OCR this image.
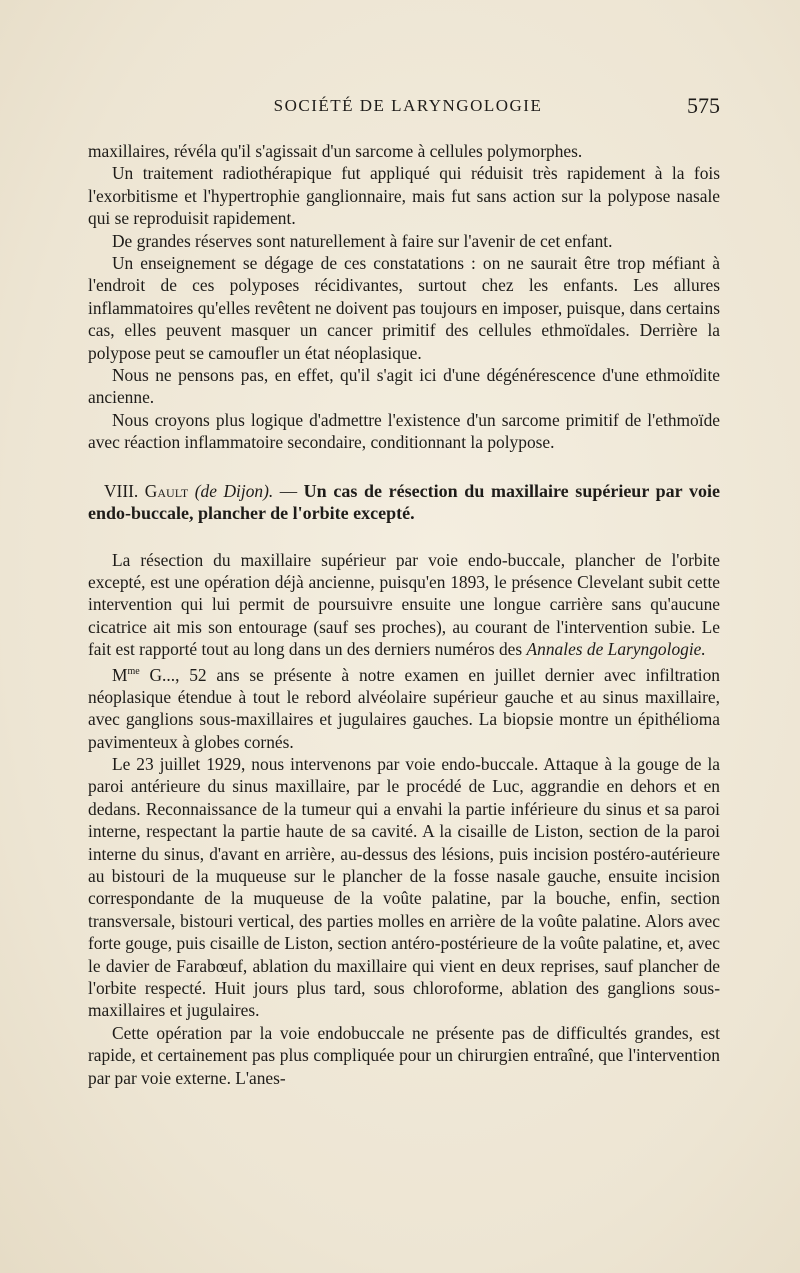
SOCIÉTÉ DE LARYNGOLOGIE	575

maxillaires, révéla qu'il s'agissait d'un sarcome à cellules polymorphes.

Un traitement radiothérapique fut appliqué qui réduisit très rapidement à la fois l'exorbitisme et l'hypertrophie ganglionnaire, mais fut sans action sur la polypose nasale qui se reproduisit rapidement.

De grandes réserves sont naturellement à faire sur l'avenir de cet enfant.

Un enseignement se dégage de ces constatations : on ne saurait être trop méfiant à l'endroit de ces polyposes récidivantes, surtout chez les enfants. Les allures inflammatoires qu'elles revêtent ne doivent pas toujours en imposer, puisque, dans certains cas, elles peuvent masquer un cancer primitif des cellules ethmoïdales. Derrière la polypose peut se camoufler un état néoplasique.

Nous ne pensons pas, en effet, qu'il s'agit ici d'une dégénérescence d'une ethmoïdite ancienne.

Nous croyons plus logique d'admettre l'existence d'un sarcome primitif de l'ethmoïde avec réaction inflammatoire secondaire, conditionnant la polypose.

VIII. Gault (de Dijon). — Un cas de résection du maxillaire supérieur par voie endo-buccale, plancher de l'orbite excepté.

La résection du maxillaire supérieur par voie endo-buccale, plancher de l'orbite excepté, est une opération déjà ancienne, puisqu'en 1893, le présence Clevelant subit cette intervention qui lui permit de poursuivre ensuite une longue carrière sans qu'aucune cicatrice ait mis son entourage (sauf ses proches), au courant de l'intervention subie. Le fait est rapporté tout au long dans un des derniers numéros des Annales de Laryngologie.

$M^{me}$ G..., 52 ans se présente à notre examen en juillet dernier avec infiltration néoplasique étendue à tout le rebord alvéolaire supérieur gauche et au sinus maxillaire, avec ganglions sous-maxillaires et jugulaires gauches. La biopsie montre un épithélioma pavimenteux à globes cornés.

Le 23 juillet 1929, nous intervenons par voie endo-buccale. Attaque à la gouge de la paroi antérieure du sinus maxillaire, par le procédé de Luc, aggrandie en dehors et en dedans. Reconnaissance de la tumeur qui a envahi la partie inférieure du sinus et sa paroi interne, respectant la partie haute de sa cavité. A la cisaille de Liston, section de la paroi interne du sinus, d'avant en arrière, au-dessus des lésions, puis incision postéro-autérieure au bistouri de la muqueuse sur le plancher de la fosse nasale gauche, ensuite incision correspondante de la muqueuse de la voûte palatine, par la bouche, enfin, section transversale, bistouri vertical, des parties molles en arrière de la voûte palatine. Alors avec forte gouge, puis cisaille de Liston, section antéro-postérieure de la voûte palatine, et, avec le davier de Farabœuf, ablation du maxillaire qui vient en deux reprises, sauf plancher de l'orbite respecté. Huit jours plus tard, sous chloroforme, ablation des ganglions sous-maxillaires et jugulaires.

Cette opération par la voie endobuccale ne présente pas de difficultés grandes, est rapide, et certainement pas plus compliquée pour un chirurgien entraîné, que l'intervention par par voie externe. L'anes-
